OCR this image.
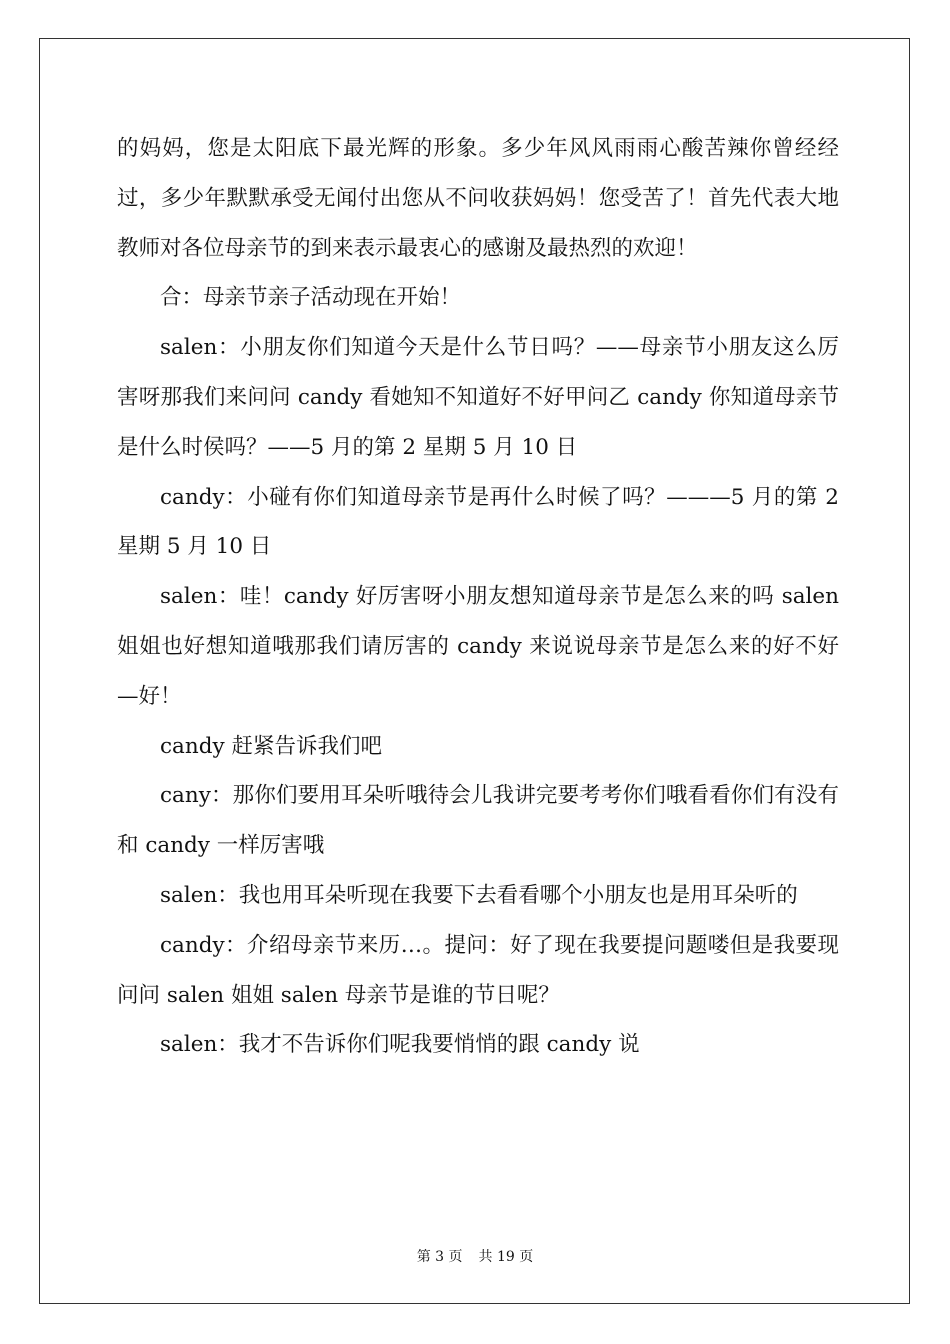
的妈妈，您是太阳底下最光辉的形象。多少年风风雨雨心酸苦辣你曾经经过，多少年默默承受无闻付出您从不问收获妈妈！您受苦了！首先代表大地教师对各位母亲节的到来表示最衷心的感谢及最热烈的欢迎！

合：母亲节亲子活动现在开始！

salen：小朋友你们知道今天是什么节日吗？——母亲节小朋友这么厉害呀那我们来问问 candy 看她知不知道好不好甲问乙 candy 你知道母亲节是什么时侯吗？——5 月的第 2 星期 5 月 10 日

candy：小碰有你们知道母亲节是再什么时候了吗？———5 月的第 2 星期 5 月 10 日

salen：哇！candy 好厉害呀小朋友想知道母亲节是怎么来的吗 salen 姐姐也好想知道哦那我们请厉害的 candy 来说说母亲节是怎么来的好不好—好！

candy 赶紧告诉我们吧

cany：那你们要用耳朵听哦待会儿我讲完要考考你们哦看看你们有没有和 candy 一样厉害哦

salen：我也用耳朵听现在我要下去看看哪个小朋友也是用耳朵听的

candy：介绍母亲节来历…。提问：好了现在我要提问题喽但是我要现问问 salen 姐姐 salen 母亲节是谁的节日呢？

salen：我才不告诉你们呢我要悄悄的跟 candy 说

第 3 页 共 19 页
